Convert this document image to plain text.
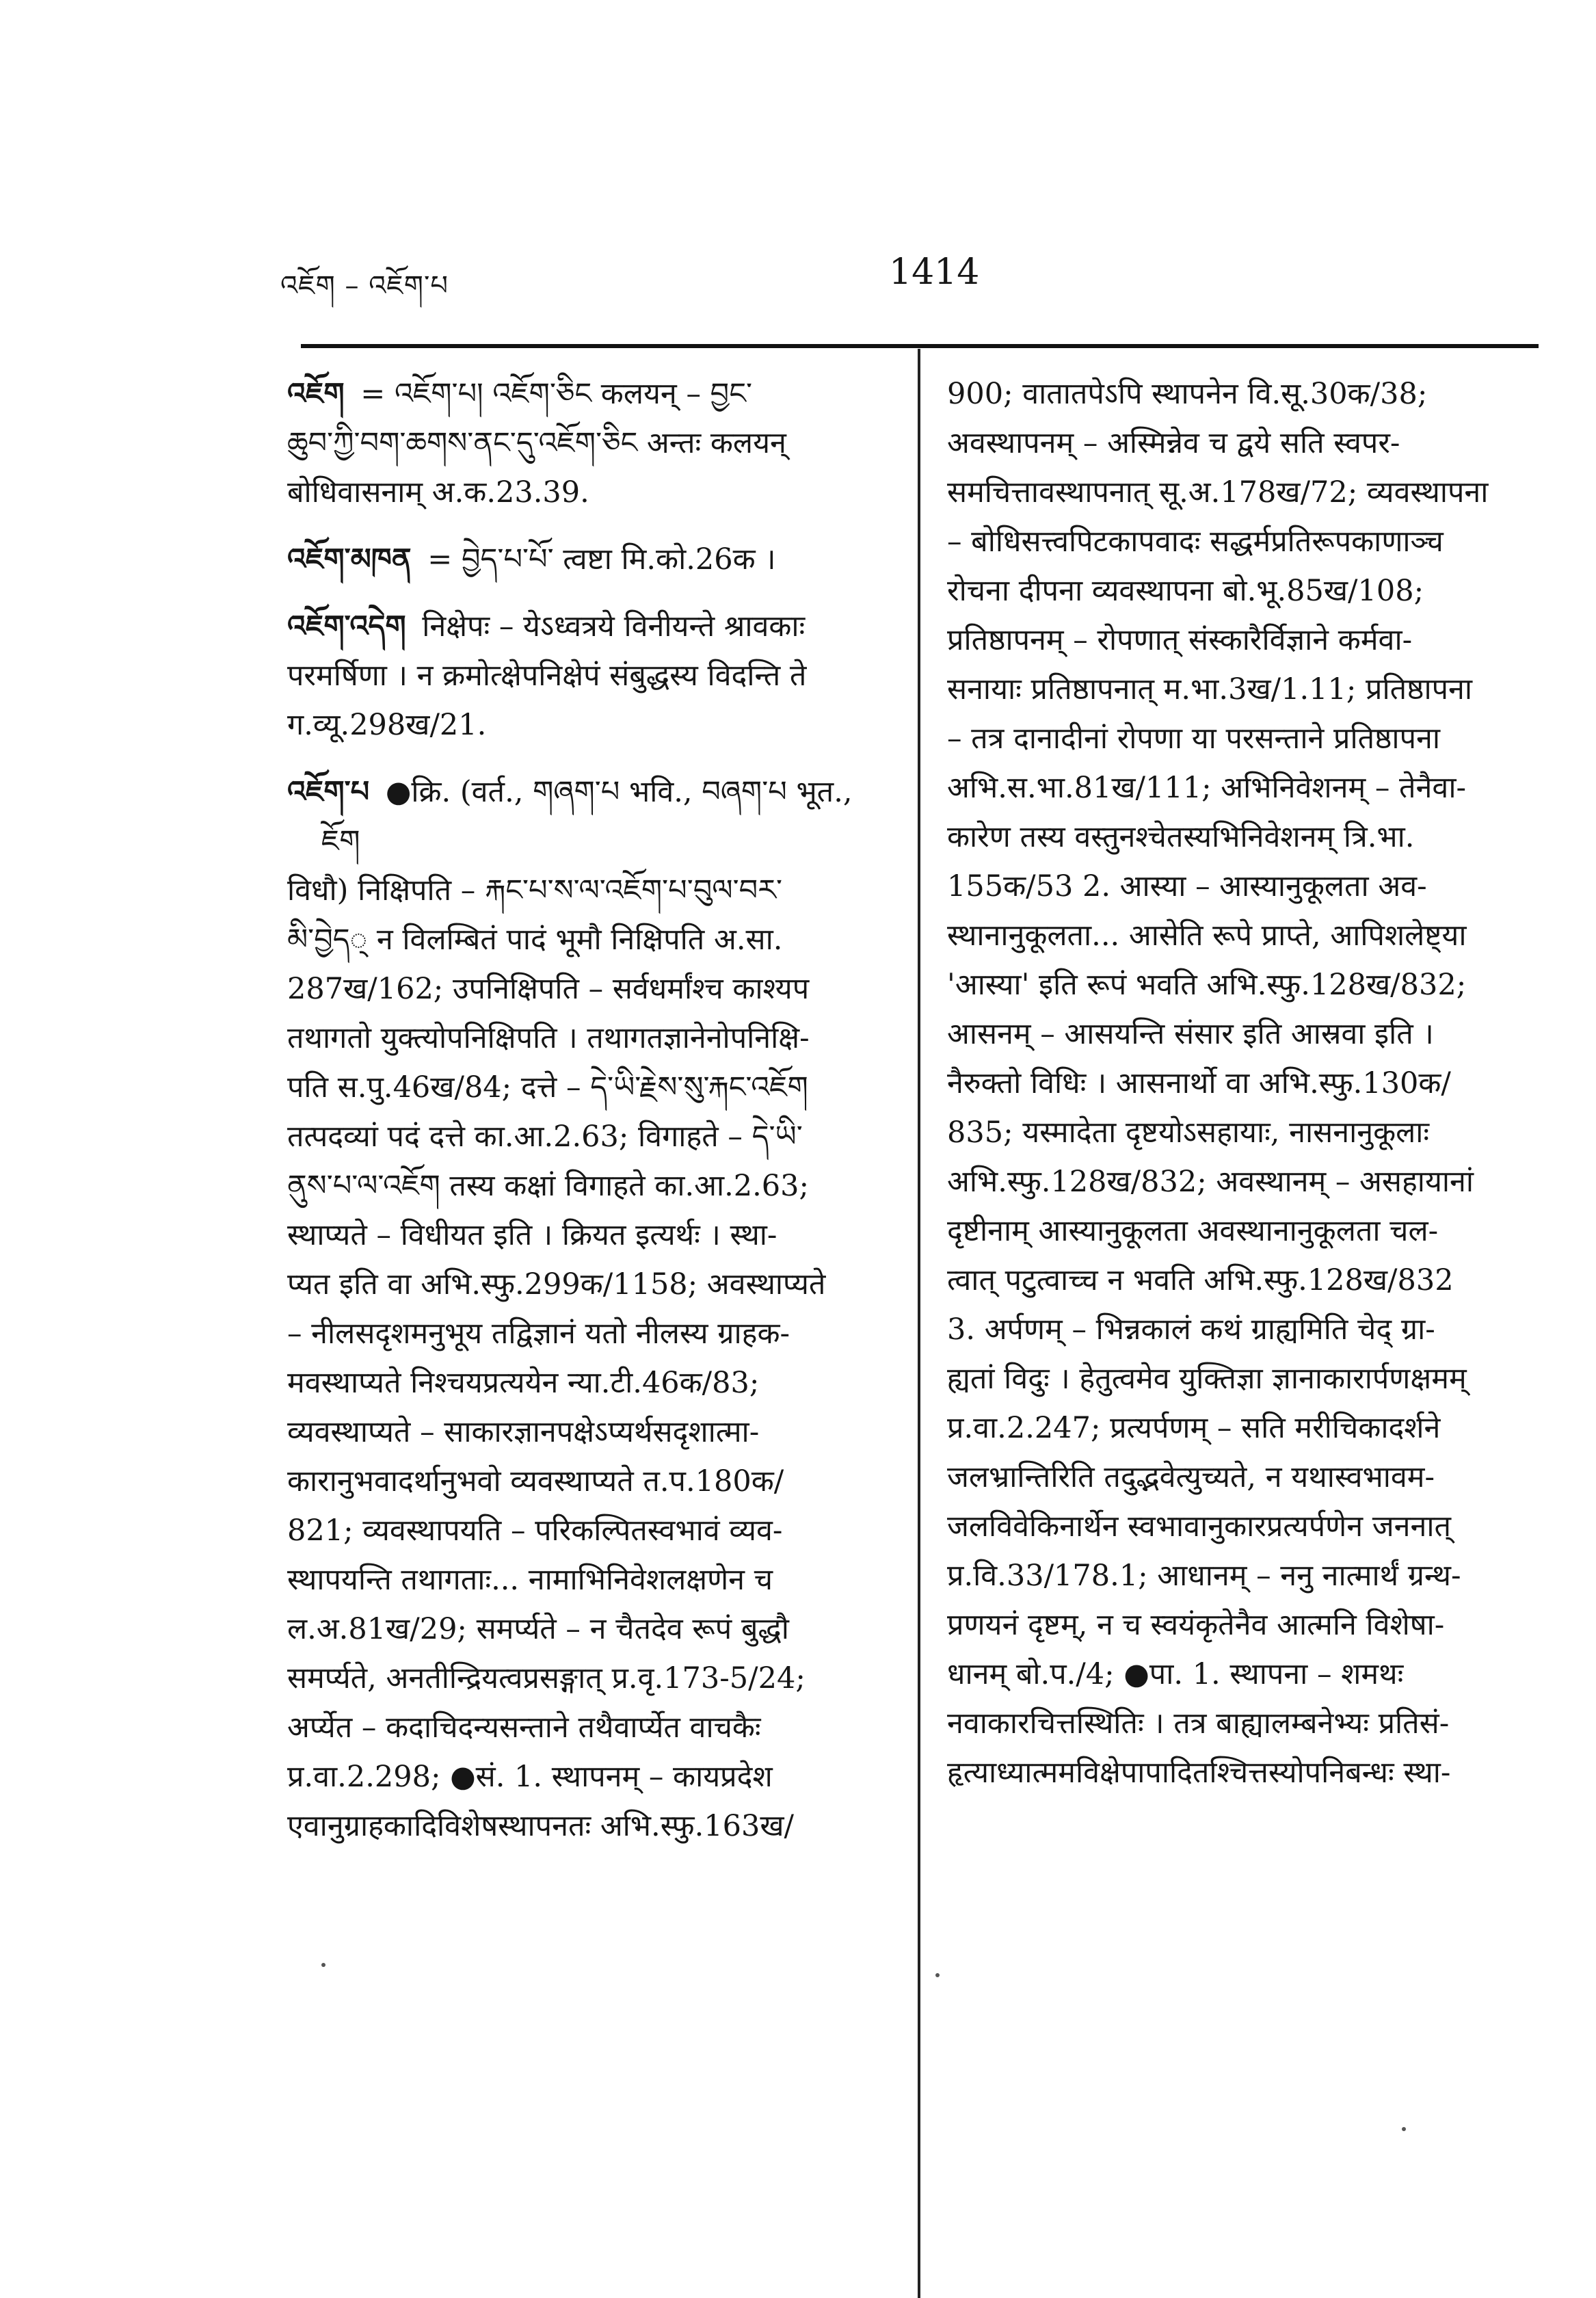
འཇོག – འཇོག་པ	1414
འཇོག = འཇོག་པ། འཇོག་ཅིང कलयन् – བྱང་
ཆུབ་ཀྱི་བག་ཆགས་ནང་དུ་འཇོག་ཅིང अन्तः कलयन्
बोधिवासनाम् अ.क.23.39.
འཇོག་མཁན = བྱེད་པ་པོ་ त्वष्टा मि.को.26क ।
འཇོག་འདེག निक्षेपः – येऽध्वत्रये विनीयन्ते श्रावकाः
परमर्षिणा । न क्रमोत्क्षेपनिक्षेपं संबुद्धस्य विदन्ति ते
ग.व्यू.298ख/21.
འཇོག་པ ●क्रि. (वर्त., གཞག་པ भवि., བཞག་པ भूत., ཇོག
विधौ) निक्षिपति – རྐང་པ་ས་ལ་འཇོག་པ་བུལ་བར་
མི་བྱེད् न विलम्बितं पादं भूमौ निक्षिपति अ.सा.
287ख/162; उपनिक्षिपति – सर्वधर्मांश्च काश्यप
तथागतो युक्त्योपनिक्षिपति । तथागतज्ञानेनोपनिक्षि-
पति स.पु.46ख/84; दत्ते – དེ་ཡི་རྗེས་སུ་རྐང་འཇོག
तत्पदव्यां पदं दत्ते का.आ.2.63; विगाहते – དེ་ཡི་
ནུས་པ་ལ་འཇོག तस्य कक्षां विगाहते का.आ.2.63;
स्थाप्यते – विधीयत इति । क्रियत इत्यर्थः । स्था-
प्यत इति वा अभि.स्फु.299क/1158; अवस्थाप्यते
– नीलसदृशमनुभूय तद्विज्ञानं यतो नीलस्य ग्राहक-
मवस्थाप्यते निश्चयप्रत्ययेन न्या.टी.46क/83;
व्यवस्थाप्यते – साकारज्ञानपक्षेऽप्यर्थसदृशात्मा-
कारानुभवादर्थानुभवो व्यवस्थाप्यते त.प.180क/
821; व्यवस्थापयति – परिकल्पितस्वभावं व्यव-
स्थापयन्ति तथागताः... नामाभिनिवेशलक्षणेन च
ल.अ.81ख/29; समर्प्यते – न चैतदेव रूपं बुद्धौ
समर्प्यते, अनतीन्द्रियत्वप्रसङ्गात् प्र.वृ.173-5/24;
अर्प्येत – कदाचिदन्यसन्ताने तथैवार्प्येत वाचकैः
प्र.वा.2.298; ●सं. 1. स्थापनम् – कायप्रदेश
एवानुग्राहकादिविशेषस्थापनतः अभि.स्फु.163ख/
900; वातातपेऽपि स्थापनेन वि.सू.30क/38;
अवस्थापनम् – अस्मिन्नेव च द्वये सति स्वपर-
समचित्तावस्थापनात् सू.अ.178ख/72; व्यवस्थापना
– बोधिसत्त्वपिटकापवादः सद्धर्मप्रतिरूपकाणाञ्च
रोचना दीपना व्यवस्थापना बो.भू.85ख/108;
प्रतिष्ठापनम् – रोपणात् संस्कारैर्विज्ञाने कर्मवा-
सनायाः प्रतिष्ठापनात् म.भा.3ख/1.11; प्रतिष्ठापना
– तत्र दानादीनां रोपणा या परसन्ताने प्रतिष्ठापना
अभि.स.भा.81ख/111; अभिनिवेशनम् – तेनैवा-
कारेण तस्य वस्तुनश्चेतस्यभिनिवेशनम् त्रि.भा.
155क/53 2. आस्या – आस्यानुकूलता अव-
स्थानानुकूलता... आसेति रूपे प्राप्ते, आपिशलेष्ट्या
'आस्या' इति रूपं भवति अभि.स्फु.128ख/832;
आसनम् – आसयन्ति संसार इति आस्रवा इति ।
नैरुक्तो विधिः । आसनार्थो वा अभि.स्फु.130क/
835; यस्मादेता दृष्टयोऽसहायाः, नासनानुकूलाः
अभि.स्फु.128ख/832; अवस्थानम् – असहायानां
दृष्टीनाम् आस्यानुकूलता अवस्थानानुकूलता चल-
त्वात् पटुत्वाच्च न भवति अभि.स्फु.128ख/832
3. अर्पणम् – भिन्नकालं कथं ग्राह्यमिति चेद् ग्रा-
ह्यतां विदुः । हेतुत्वमेव युक्तिज्ञा ज्ञानाकारार्पणक्षमम्
प्र.वा.2.247; प्रत्यर्पणम् – सति मरीचिकादर्शने
जलभ्रान्तिरिति तदुद्भवेत्युच्यते, न यथास्वभावम-
जलविवेकिनार्थेन स्वभावानुकारप्रत्यर्पणेन जननात्
प्र.वि.33/178.1; आधानम् – ननु नात्मार्थं ग्रन्थ-
प्रणयनं दृष्टम्, न च स्वयंकृतेनैव आत्मनि विशेषा-
धानम् बो.प./4; ●पा. 1. स्थापना – शमथः
नवाकारचित्तस्थितिः । तत्र बाह्यालम्बनेभ्यः प्रतिसं-
हृत्याध्यात्ममविक्षेपापादितश्चित्तस्योपनिबन्धः स्था-
